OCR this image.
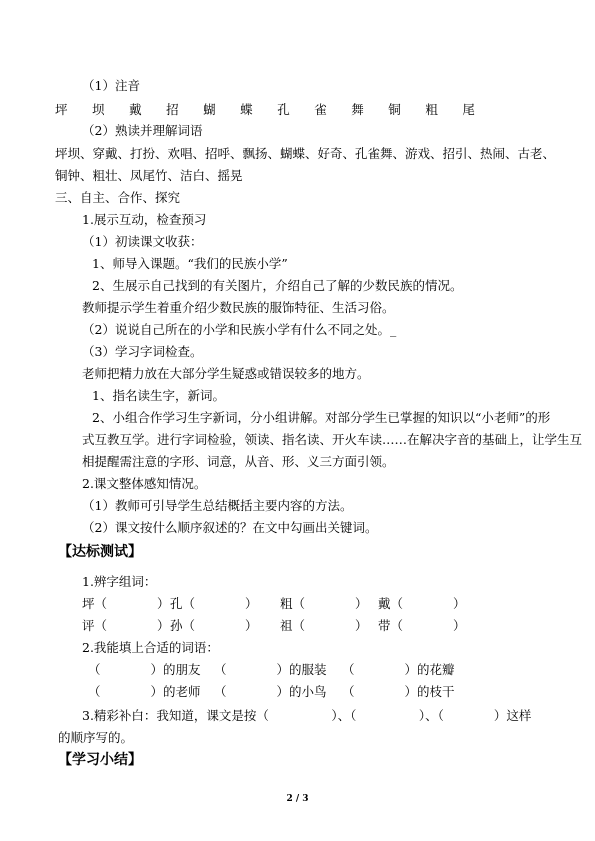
（1）注音
坪 坝 戴 招 蝴 蝶 孔 雀 舞 铜 粗 尾
（2）熟读并理解词语
坪坝、穿戴、打扮、欢唱、招呼、飘扬、蝴蝶、好奇、孔雀舞、游戏、招引、热闹、古老、
铜钟、粗壮、凤尾竹、洁白、摇晃
三、自主、合作、探究
1.展示互动，检查预习
（1）初读课文收获：
1、师导入课题。“我们的民族小学”
2、生展示自己找到的有关图片，介绍自己了解的少数民族的情况。
教师提示学生着重介绍少数民族的服饰特征、生活习俗。
（2）说说自己所在的小学和民族小学有什么不同之处。_
（3）学习字词检查。
老师把精力放在大部分学生疑惑或错误较多的地方。
1、指名读生字，新词。
2、小组合作学习生字新词，分小组讲解。对部分学生已掌握的知识以“小老师”的形
式互教互学。进行字词检验，领读、指名读、开火车读……在解决字音的基础上，让学生互
相提醒需注意的字形、词意，从音、形、义三方面引领。
2.课文整体感知情况。
（1）教师可引导学生总结概括主要内容的方法。
（2）课文按什么顺序叙述的？在文中勾画出关键词。
【达标测试】
1.辨字组词：
坪（　　　　） 孔（　　　　）	粗（　　　　） 戴（　　　　）
评（　　　　） 孙（　　　　）	祖（　　　　） 带（　　　　）
2.我能填上合适的词语：
（　　　　）的朋友	（　　　　）的服装	（　　　　）的花瓣
（　　　　）的老师	（　　　　）的小鸟	（　　　　）的枝干
3.精彩补白：我知道，课文是按（　　　　　）、（　　　　　）、（　　　　）这样
的顺序写的。
【学习小结】
2 / 3
